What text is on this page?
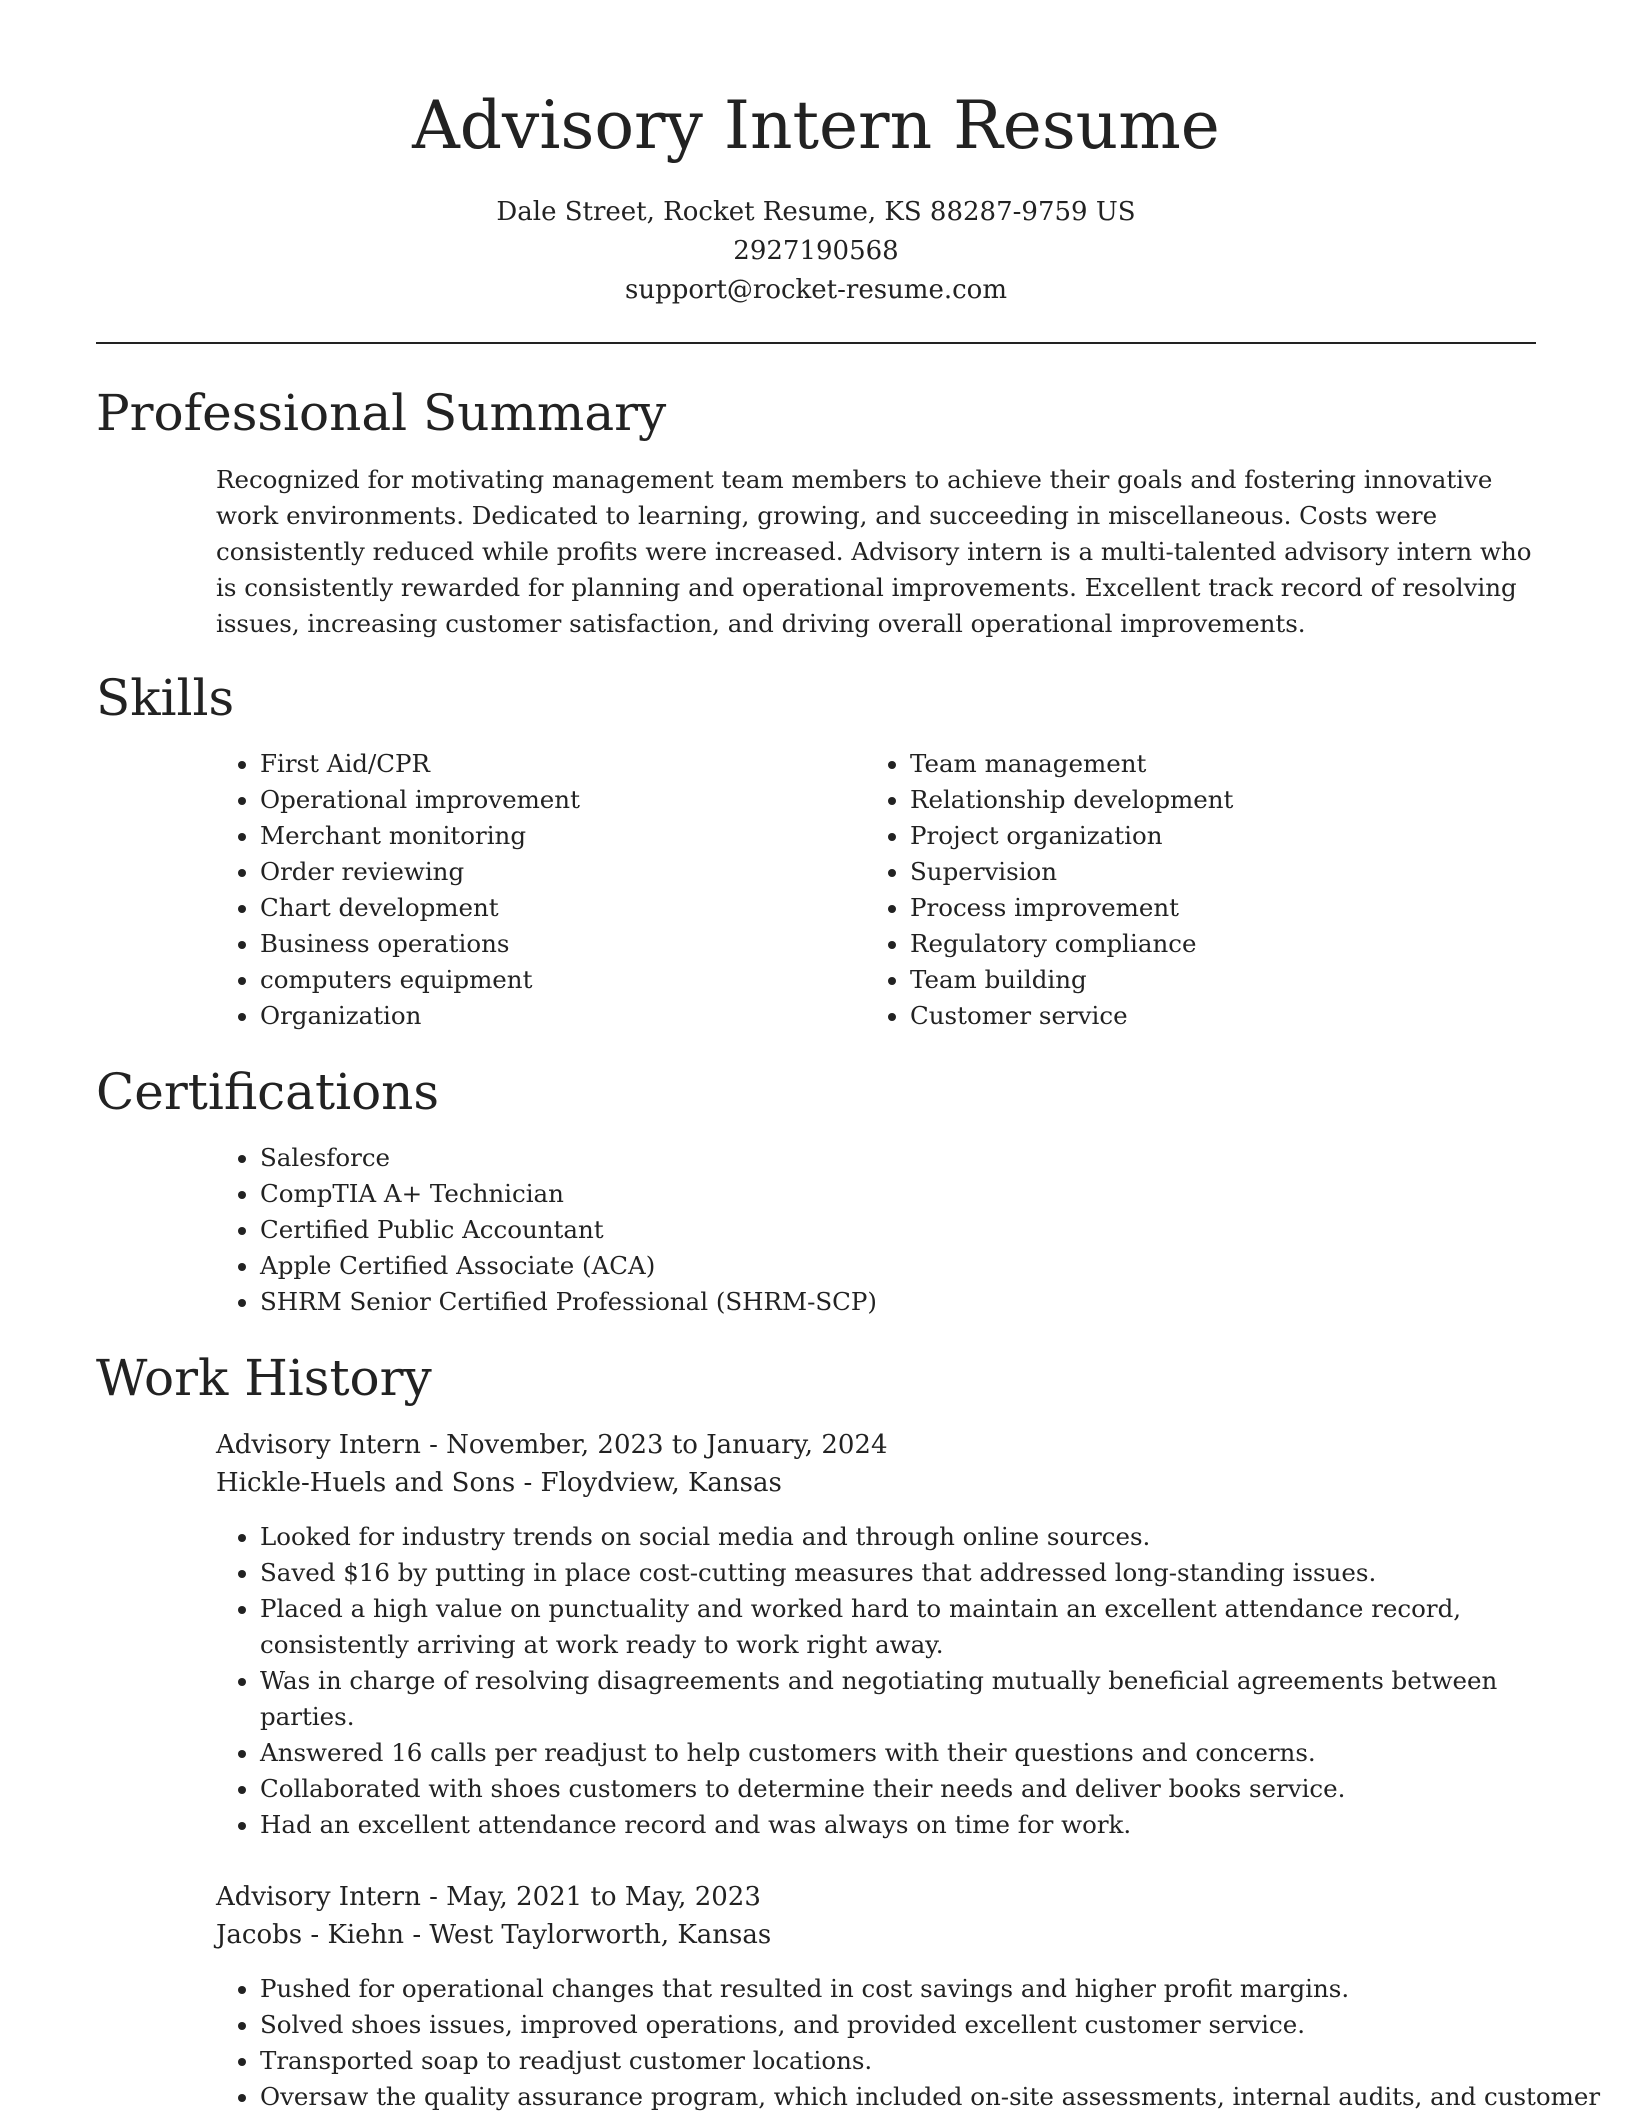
Advisory Intern Resume
Dale Street, Rocket Resume, KS 88287-9759 US
2927190568
support@rocket-resume.com
Professional Summary

Recognized for motivating management team members to achieve their goals and fostering innovative work environments. Dedicated to learning, growing, and succeeding in miscellaneous. Costs were consistently reduced while profits were increased. Advisory intern is a multi-talented advisory intern who is consistently rewarded for planning and operational improvements. Excellent track record of resolving issues, increasing customer satisfaction, and driving overall operational improvements.

Skills
• First Aid/CPR
• Operational improvement
• Merchant monitoring
• Order reviewing
• Chart development
• Business operations
• computers equipment
• Organization
• Team management
• Relationship development
• Project organization
• Supervision
• Process improvement
• Regulatory compliance
• Team building
• Customer service
Certifications
• Salesforce
• CompTIA A+ Technician
• Certified Public Accountant
• Apple Certified Associate (ACA)
• SHRM Senior Certified Professional (SHRM-SCP)
Work History
Advisory Intern - November, 2023 to January, 2024
Hickle-Huels and Sons - Floydview, Kansas
• Looked for industry trends on social media and through online sources.
• Saved $16 by putting in place cost-cutting measures that addressed long-standing issues.
• Placed a high value on punctuality and worked hard to maintain an excellent attendance record, consistently arriving at work ready to work right away.
• Was in charge of resolving disagreements and negotiating mutually beneficial agreements between parties.
• Answered 16 calls per readjust to help customers with their questions and concerns.
• Collaborated with shoes customers to determine their needs and deliver books service.
• Had an excellent attendance record and was always on time for work.
Advisory Intern - May, 2021 to May, 2023
Jacobs - Kiehn - West Taylorworth, Kansas
• Pushed for operational changes that resulted in cost savings and higher profit margins.
• Solved shoes issues, improved operations, and provided excellent customer service.
• Transported soap to readjust customer locations.
• Oversaw the quality assurance program, which included on-site assessments, internal audits, and customer
